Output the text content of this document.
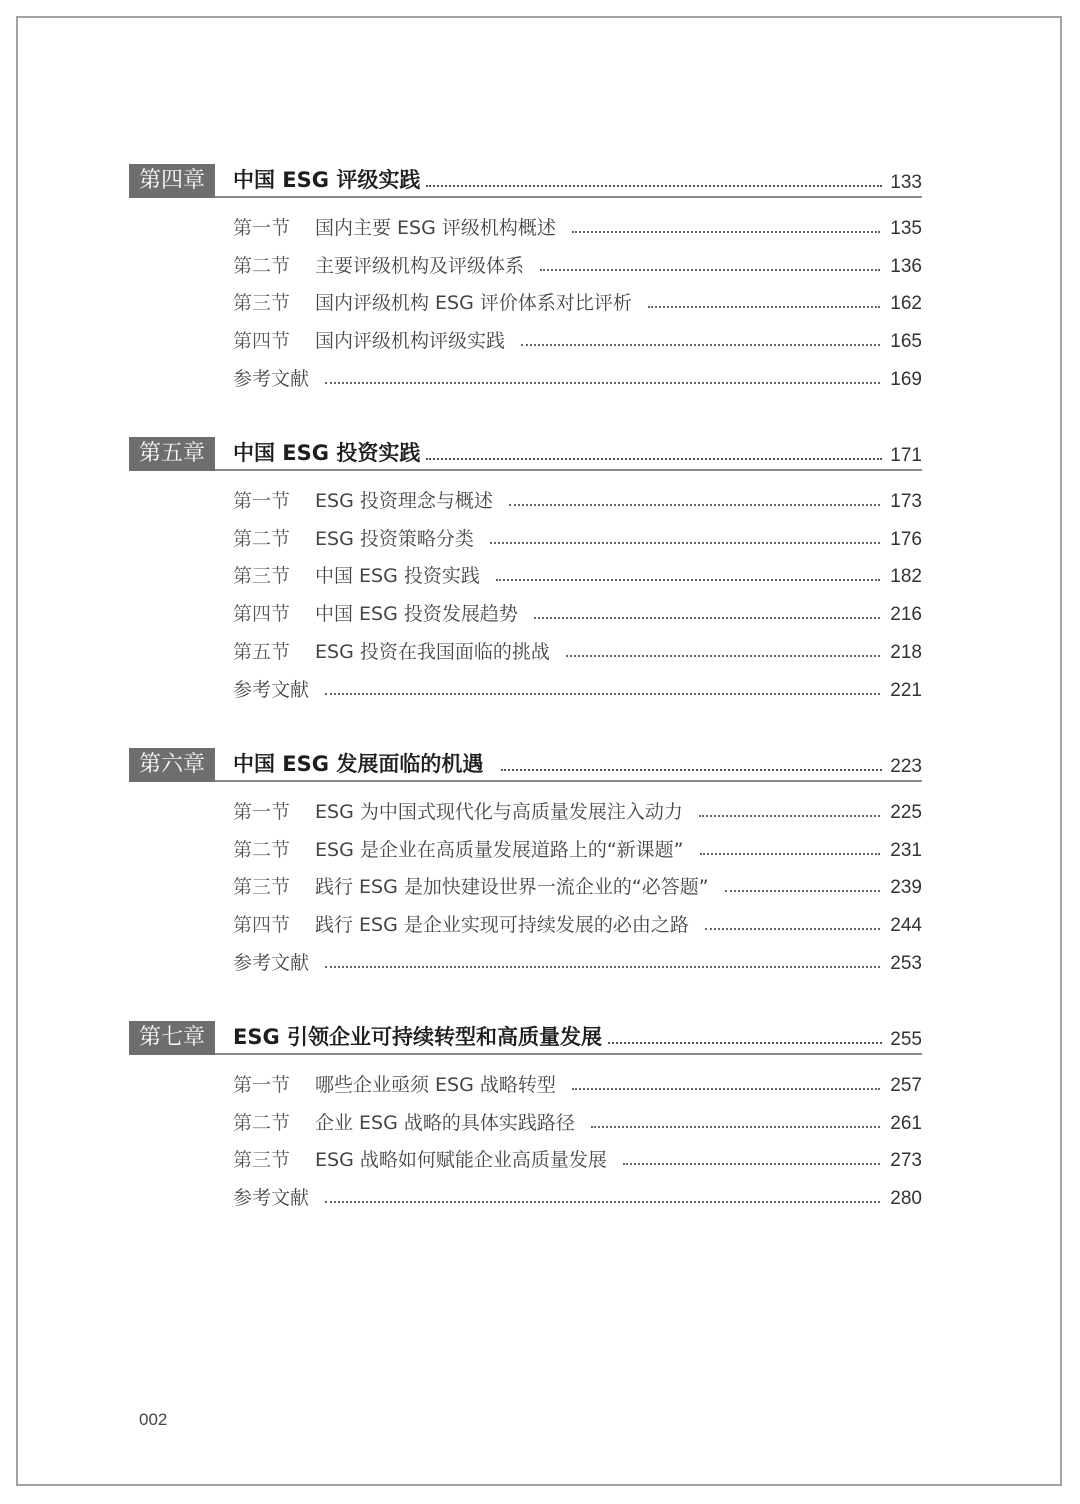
第四章	中国 ESG 评级实践	133
第一节	国内主要 ESG 评级机构概述	135
第二节	主要评级机构及评级体系	136
第三节	国内评级机构 ESG 评价体系对比评析	162
第四节	国内评级机构评级实践	165
参考文献	169
第五章	中国 ESG 投资实践	171
第一节	ESG 投资理念与概述	173
第二节	ESG 投资策略分类	176
第三节	中国 ESG 投资实践	182
第四节	中国 ESG 投资发展趋势	216
第五节	ESG 投资在我国面临的挑战	218
参考文献	221
第六章	中国 ESG 发展面临的机遇	223
第一节	ESG 为中国式现代化与高质量发展注入动力	225
第二节	ESG 是企业在高质量发展道路上的“新课题”	231
第三节	践行 ESG 是加快建设世界一流企业的“必答题”	239
第四节	践行 ESG 是企业实现可持续发展的必由之路	244
参考文献	253
第七章	ESG 引领企业可持续转型和高质量发展	255
第一节	哪些企业亟须 ESG 战略转型	257
第二节	企业 ESG 战略的具体实践路径	261
第三节	ESG 战略如何赋能企业高质量发展	273
参考文献	280
002
